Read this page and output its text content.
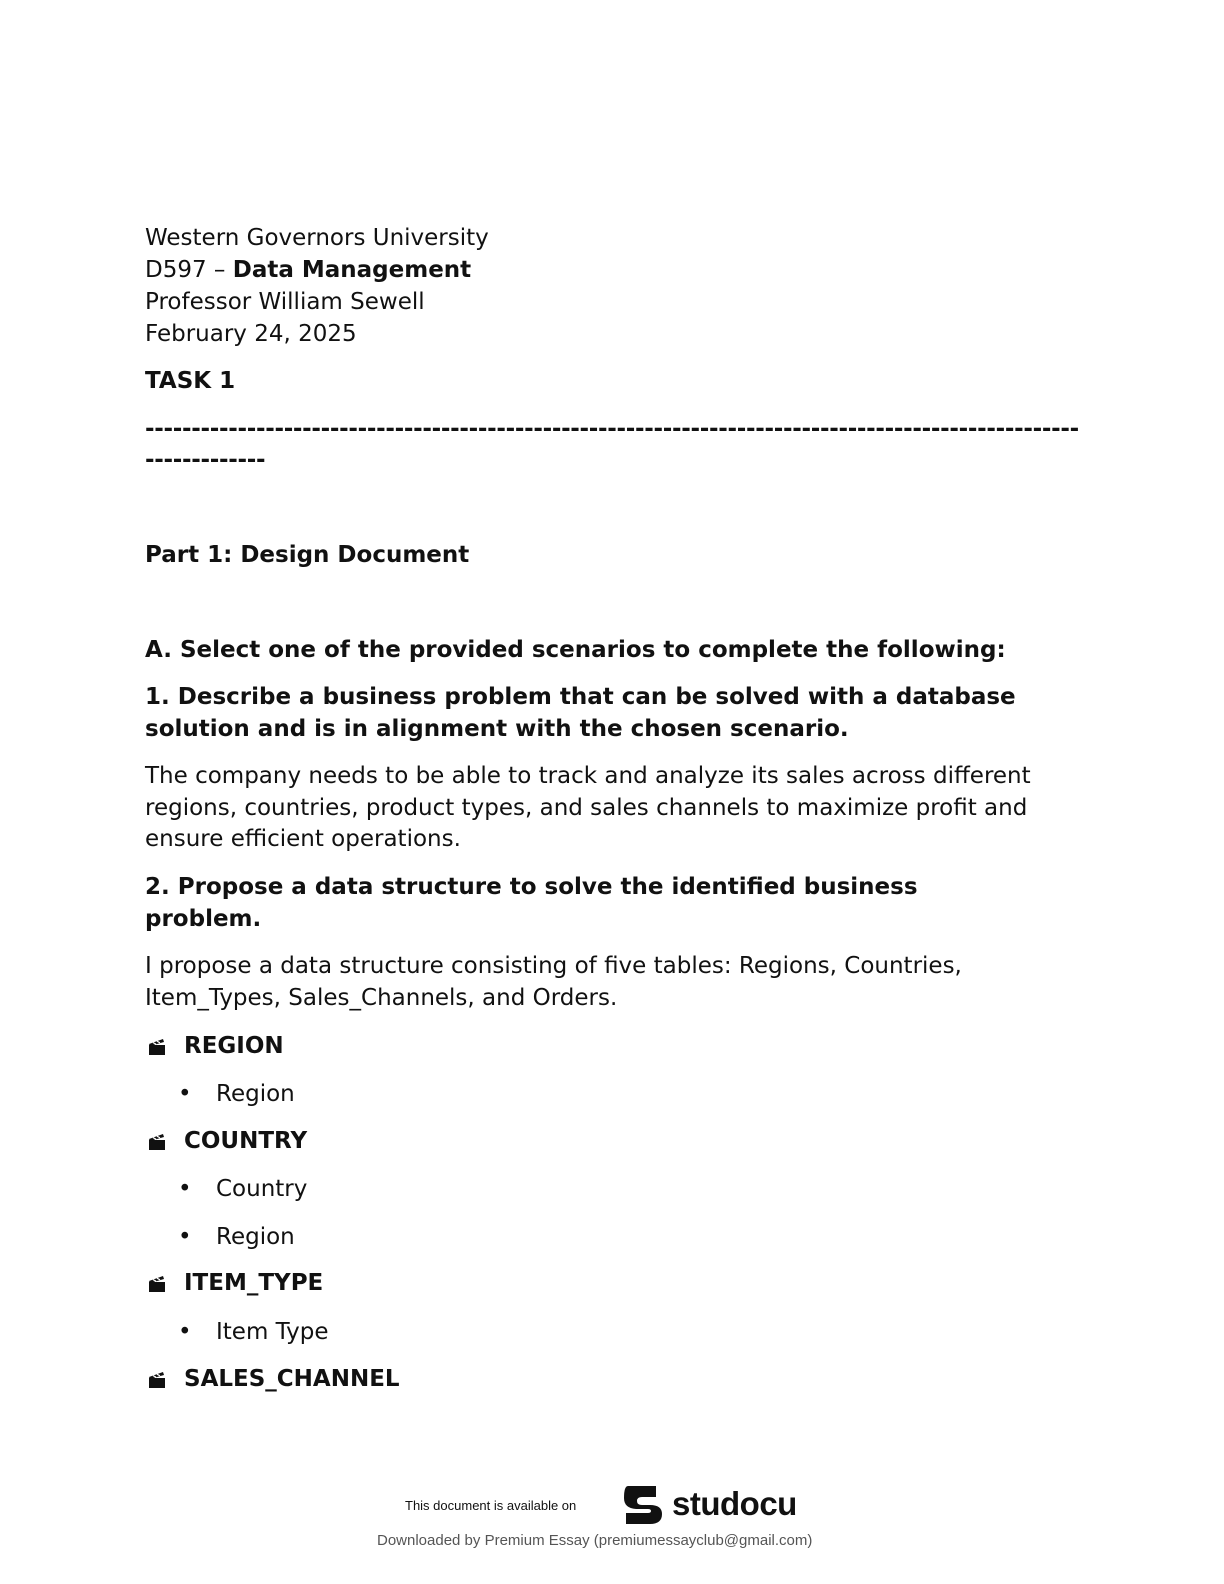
Western Governors University
D597 – Data Management
Professor William Sewell
February 24, 2025
TASK 1
------------------------------------------------------------------------------------------------------------------
Part 1: Design Document
A. Select one of the provided scenarios to complete the following:
1. Describe a business problem that can be solved with a database solution and is in alignment with the chosen scenario.
The company needs to be able to track and analyze its sales across different regions, countries, product types, and sales channels to maximize profit and ensure efficient operations.
2. Propose a data structure to solve the identified business problem.
I propose a data structure consisting of five tables: Regions, Countries, Item_Types, Sales_Channels, and Orders.
REGION
• Region
COUNTRY
• Country
• Region
ITEM_TYPE
• Item Type
SALES_CHANNEL
This document is available on	studocu
Downloaded by Premium Essay (premiumessayclub@gmail.com)
